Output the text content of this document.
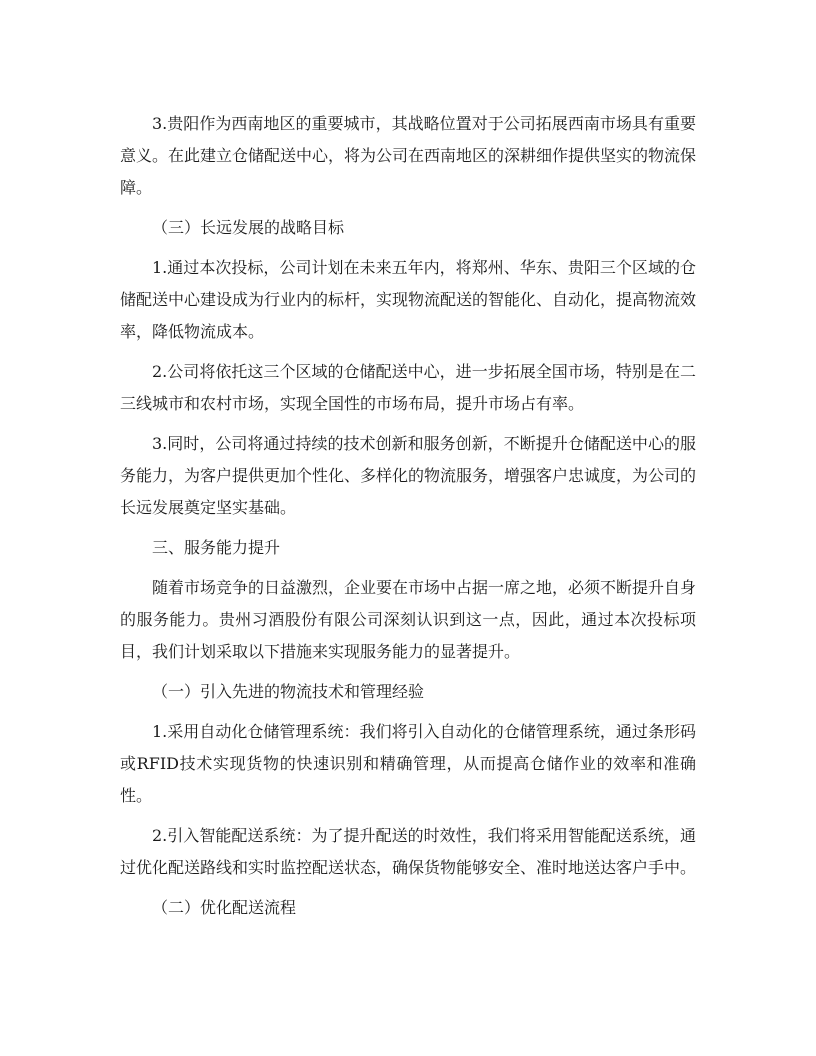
3.贵阳作为西南地区的重要城市，其战略位置对于公司拓展西南市场具有重要意义。在此建立仓储配送中心，将为公司在西南地区的深耕细作提供坚实的物流保障。

（三）长远发展的战略目标

1.通过本次投标，公司计划在未来五年内，将郑州、华东、贵阳三个区域的仓储配送中心建设成为行业内的标杆，实现物流配送的智能化、自动化，提高物流效率，降低物流成本。

2.公司将依托这三个区域的仓储配送中心，进一步拓展全国市场，特别是在二三线城市和农村市场，实现全国性的市场布局，提升市场占有率。

3.同时，公司将通过持续的技术创新和服务创新，不断提升仓储配送中心的服务能力，为客户提供更加个性化、多样化的物流服务，增强客户忠诚度，为公司的长远发展奠定坚实基础。

三、服务能力提升

随着市场竞争的日益激烈，企业要在市场中占据一席之地，必须不断提升自身的服务能力。贵州习酒股份有限公司深刻认识到这一点，因此，通过本次投标项目，我们计划采取以下措施来实现服务能力的显著提升。

（一）引入先进的物流技术和管理经验

1.采用自动化仓储管理系统：我们将引入自动化的仓储管理系统，通过条形码或RFID技术实现货物的快速识别和精确管理，从而提高仓储作业的效率和准确性。

2.引入智能配送系统：为了提升配送的时效性，我们将采用智能配送系统，通过优化配送路线和实时监控配送状态，确保货物能够安全、准时地送达客户手中。

（二）优化配送流程
